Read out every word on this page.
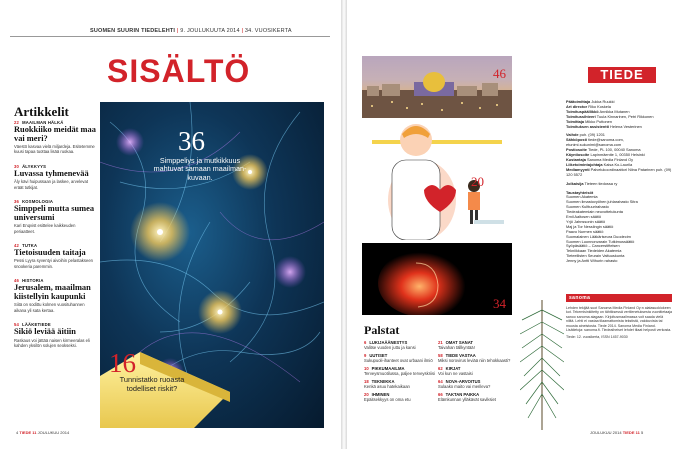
SUOMEN SUURIN TIEDELEHTI | 9. JOULUKUUTA 2014 | 34. VUOSIKERTA
SISÄLTÖ
Artikkelit
22 MAAILMAN HÄLKÄ
Ruokkiiko meidät maa vai meri?
Väestö kasvaa vielä miljardeja. Esitetemme kuusi tapaa tuottaa lisää ruokaa.
30 ÄLYKKYYS
Luvassa tyhmenevää
Äly kävi huipussaan ja laskee, arvelevat eräät tutkijat.
36 KOSMOLOGIA
Simppeli mutta sumea universumi
Kari Enqvist esittelee kaikkeuden periaatteet.
42 TUTKA
Tietoisuuden taitaja
Pessi Lyyra syventyi aivoihin pelastakseen snookeria paremmin.
46 HISTORIA
Jerusalem, maailman kiistellyin kaupunki
Siitä on sodittu kolmen vuosituhannen aikana yli sata kertaa.
54 LÄÄKETIEDE
Sikiö leviää äitiin
Raskaus voi jättää naisen kirmeeralas eli kahden yksilön solujen seokseksi.
36
Simppeliys ja mutkikkuus mahtuvat samaan maailman-kuvaan.
16
Tunnistatko ruoasta todelliset riskit?
4 TIEDE 11 JOULUKUU 2014
46
20
34
Palstat
6 LUKIJAÄÄNESTYS
Valitse vuoden juttu ja kansi
21 OMAT SANAT
Taivahan tällkyntää!
9 UUTISET
Sukupuoli-ihanteet ovat urbaani ilmiö
58 TIEDE VASTAA
Miksi norovirus leviää niin tehokkaasti?
10 PIKKUMAAILMA
Terveysmuotilussa, paljee terveyskriisi
62 KIRJAT
Voi kun ne vastaisi
18 TEKNIIKKA
Kenkä asuu hatekaikaan
64 NOVA-ARVOITUS
Sulaako maito vai merileva?
20 IHMINEN
Epäitsekkyys on oma etu
66 TAKTAN PAIKKA
Elämkunnan ylläkävät saviksiet
TIEDE
Päätoimittaja Jukka Ruukki
Art director Riko Koskela
Toimituspäällikkö Annikka Mutanen
Toimitussihteeri Tuula Kinnarinen, Petri Rikkonen
Toimittaja Mikko Puttonen
Toimituksen assistentti Helena Vesterinen
Vaihde puh. (09) 1201
Sähköposti tiede@sanoma.com, etunimi.sukunimi@sanoma.com
Postiosoite Tiede, PL 100, 00040 Sanoma
Käyntiosoite Lapinmäentie 1, 00350 Helsinki
Kustantaja Sanoma Media Finland Oy
Liiketoimintajohtaja Kaisa Ko-Laurila
Mediamyynti Palvelukoordinaattori Niina Patarinen puh. (09) 120 5572
Jolkaisija Tieteen tiedossa ry
Taustayhteisöt
Suomen Akatemia
Suomen ilmastovyöhen juhlarahasto Sitra
Suomen Kulttuurirahasto
Tiedeakatemiain neuvottelukunta
Emil Aaltosen säätiö
Yrjö Jahnssonin säätiö
Maj ja Tor Nesslingin säätiö
Paavo Nurmen säätiö
Suomalainen Lääkäriseura Duodecim
Suomen Luonnonvarain Tutkimussäätiö
Syöpäsäätiö – Cancerstiftelsen
Tekniikkaan Tiedeiden Akatemia
Tieteellisten Seurain Valtuuskunta
Jenny ja Antti Wihurin rahasto
sanoma
Lehden tekijää suot Sanoma Media Finland Oy:n aiatasuokiokeen kot. Tekemisinkiitetty on tähtiksessä vertilenetuksesta vuonitietaaja sanoo sanoma aiagaan. Kirjoitusmaailmassa voit saada vielä niiltä. Lehti ei vastaa tilaamattomista tekstistä, valokuvista tai muusta aineistosta. Tiede 2014. Sanoma Media Finland. Lisätietoja: sanoma.fi. Tiedeaiheiset lehdet tilaat helposti verkosta.
Tiede: 12. vuosikerta, ISSN 1457-9030
JOULUKUU 2014 TIEDE 11 5
